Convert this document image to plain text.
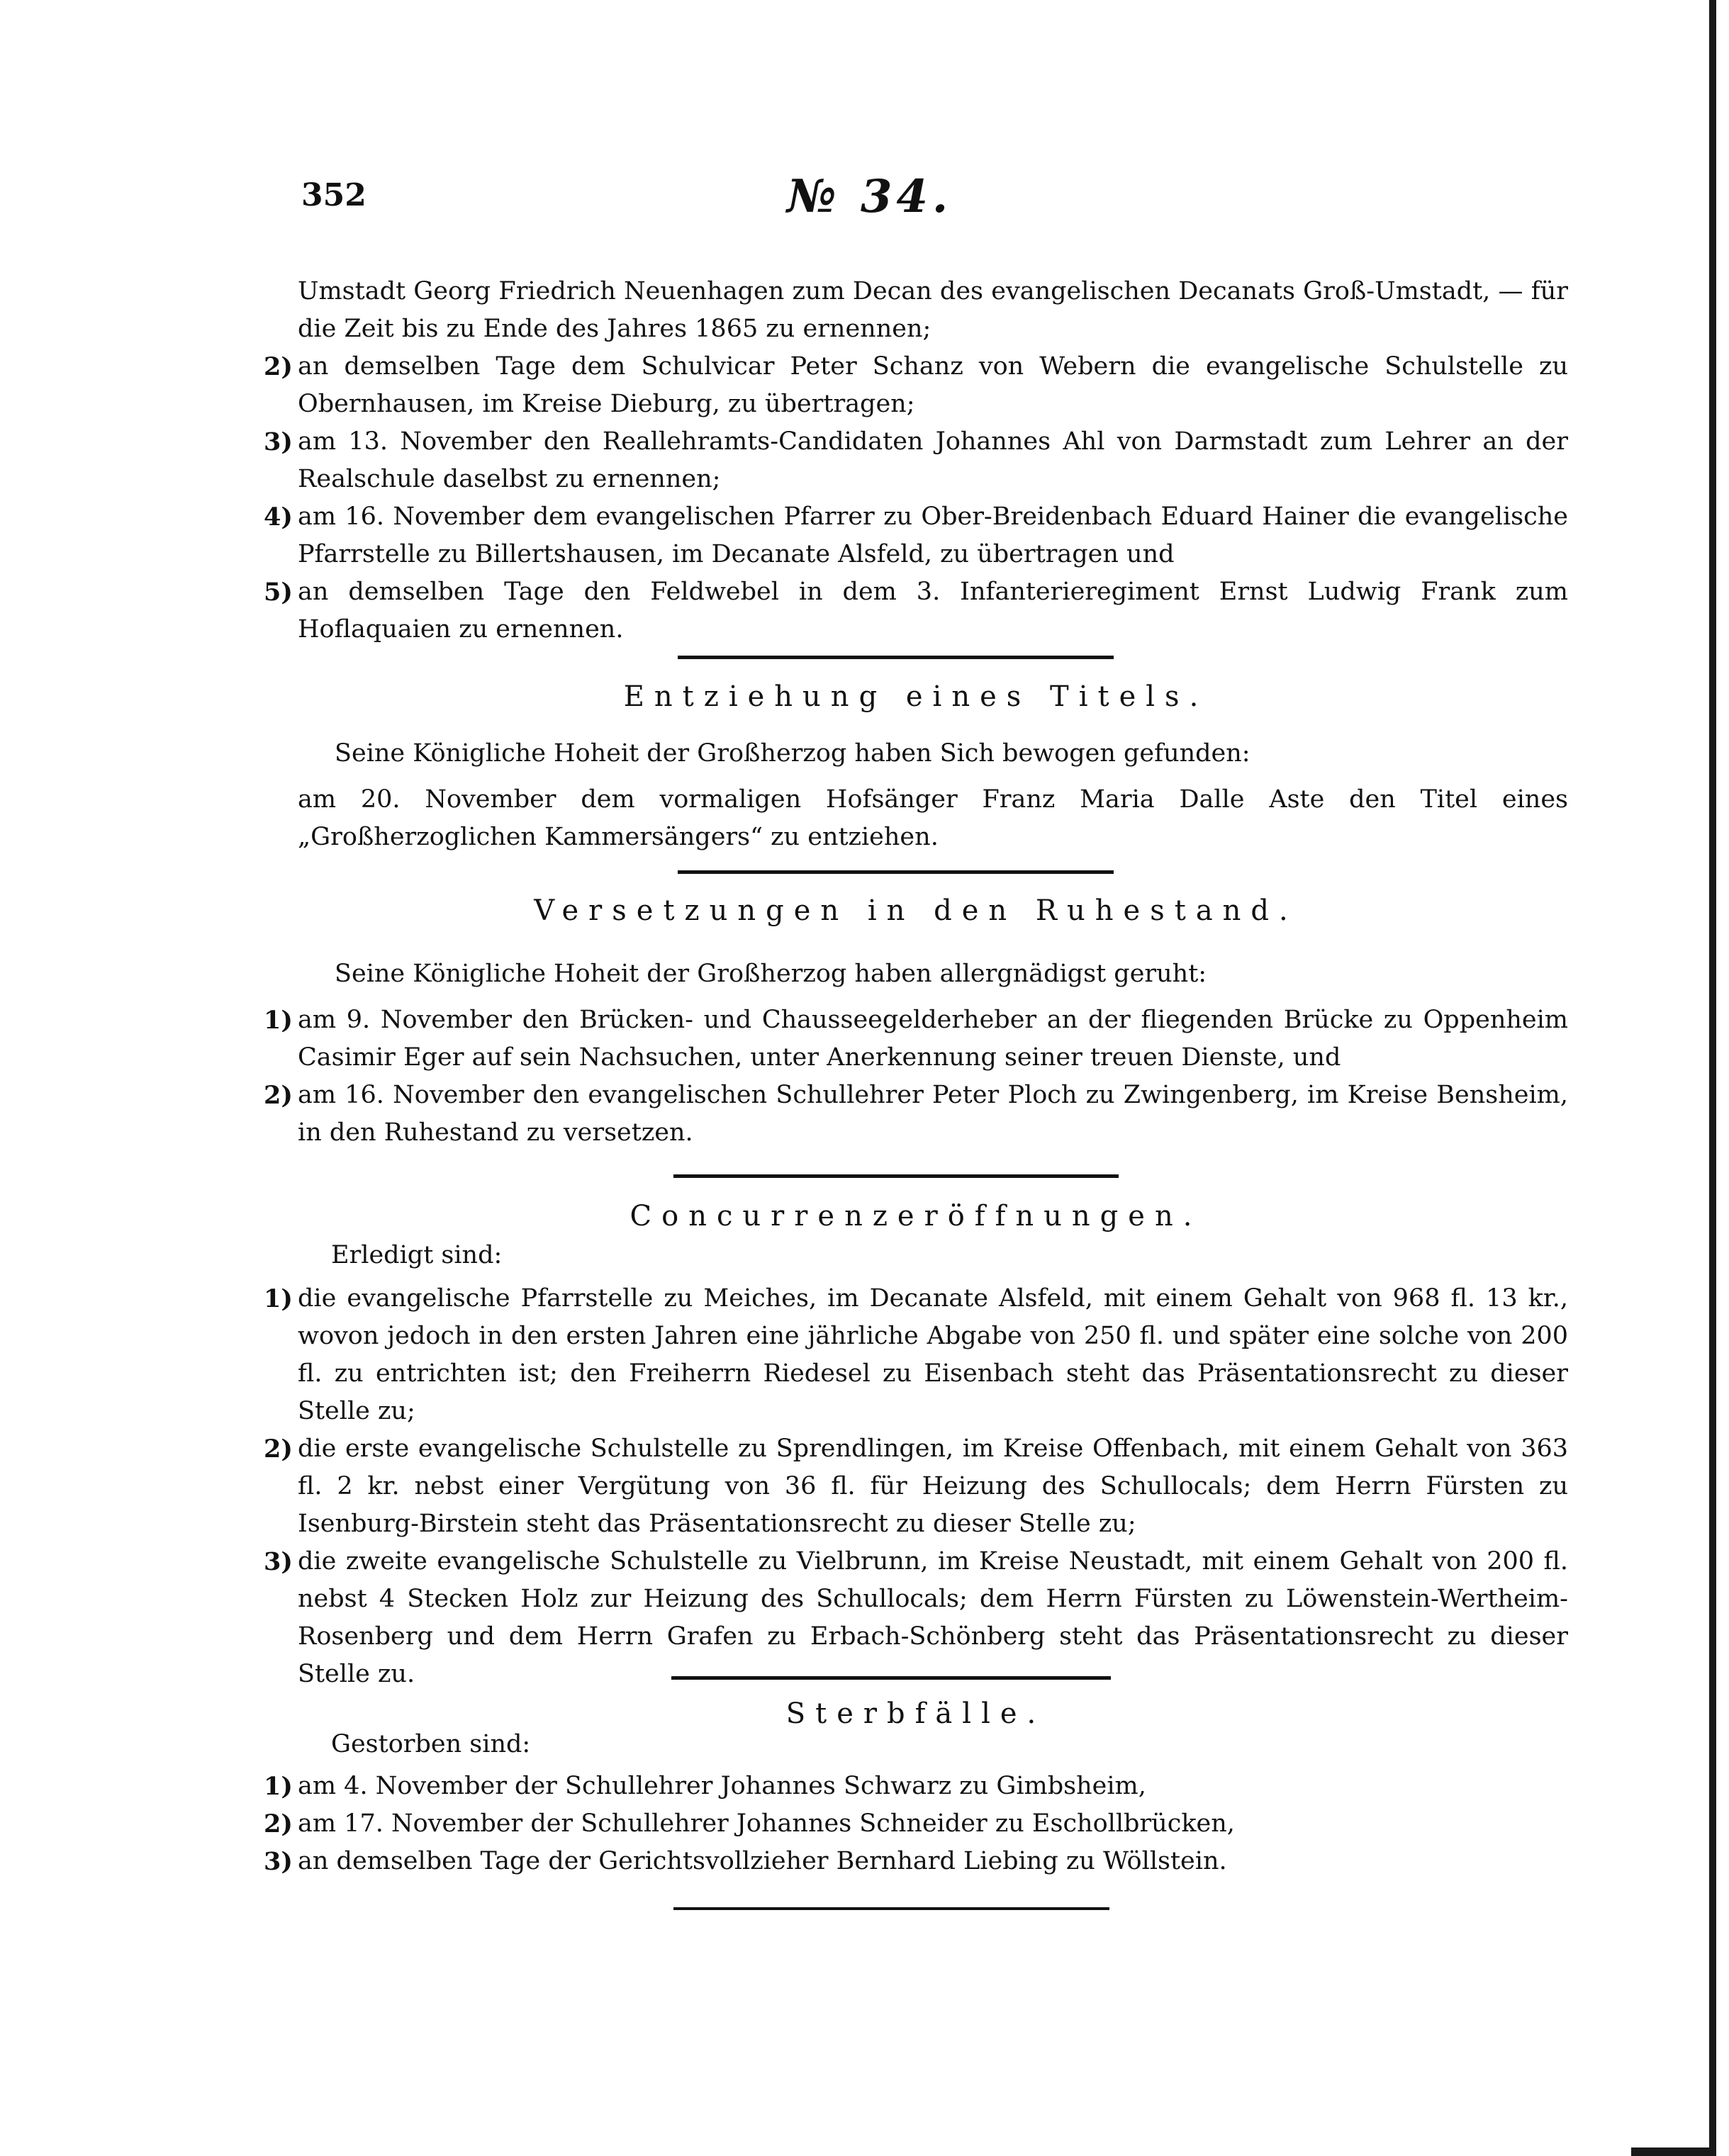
352	№ 34.
Umstadt Georg Friedrich Neuenhagen zum Decan des evangelischen Decanats Groß-Umstadt, — für die Zeit bis zu Ende des Jahres 1865 zu ernennen;
2) an demselben Tage dem Schulvicar Peter Schanz von Webern die evangelische Schulstelle zu Obernhausen, im Kreise Dieburg, zu übertragen;
3) am 13. November den Reallehramts-Candidaten Johannes Ahl von Darmstadt zum Lehrer an der Realschule daselbst zu ernennen;
4) am 16. November dem evangelischen Pfarrer zu Ober-Breidenbach Eduard Hainer die evangelische Pfarrstelle zu Billertshausen, im Decanate Alsfeld, zu übertragen und
5) an demselben Tage den Feldwebel in dem 3. Infanterieregiment Ernst Ludwig Frank zum Hoflaquaien zu ernennen.
Entziehung eines Titels.
Seine Königliche Hoheit der Großherzog haben Sich bewogen gefunden:
am 20. November dem vormaligen Hofsänger Franz Maria Dalle Aste den Titel eines „Großherzoglichen Kammersängers“ zu entziehen.
Versetzungen in den Ruhestand.
Seine Königliche Hoheit der Großherzog haben allergnädigst geruht:
1) am 9. November den Brücken- und Chausseegelderheber an der fliegenden Brücke zu Oppenheim Casimir Eger auf sein Nachsuchen, unter Anerkennung seiner treuen Dienste, und
2) am 16. November den evangelischen Schullehrer Peter Ploch zu Zwingenberg, im Kreise Bensheim, in den Ruhestand zu versetzen.
Concurrenzeröffnungen.
Erledigt sind:
1) die evangelische Pfarrstelle zu Meiches, im Decanate Alsfeld, mit einem Gehalt von 968 fl. 13 kr., wovon jedoch in den ersten Jahren eine jährliche Abgabe von 250 fl. und später eine solche von 200 fl. zu entrichten ist; den Freiherrn Riedesel zu Eisenbach steht das Präsentationsrecht zu dieser Stelle zu;
2) die erste evangelische Schulstelle zu Sprendlingen, im Kreise Offenbach, mit einem Gehalt von 363 fl. 2 kr. nebst einer Vergütung von 36 fl. für Heizung des Schullocals; dem Herrn Fürsten zu Isenburg-Birstein steht das Präsentationsrecht zu dieser Stelle zu;
3) die zweite evangelische Schulstelle zu Vielbrunn, im Kreise Neustadt, mit einem Gehalt von 200 fl. nebst 4 Stecken Holz zur Heizung des Schullocals; dem Herrn Fürsten zu Löwenstein-Wertheim-Rosenberg und dem Herrn Grafen zu Erbach-Schönberg steht das Präsentationsrecht zu dieser Stelle zu.
Sterbfälle.
Gestorben sind:
1) am 4. November der Schullehrer Johannes Schwarz zu Gimbsheim,
2) am 17. November der Schullehrer Johannes Schneider zu Eschollbrücken,
3) an demselben Tage der Gerichtsvollzieher Bernhard Liebing zu Wöllstein.
